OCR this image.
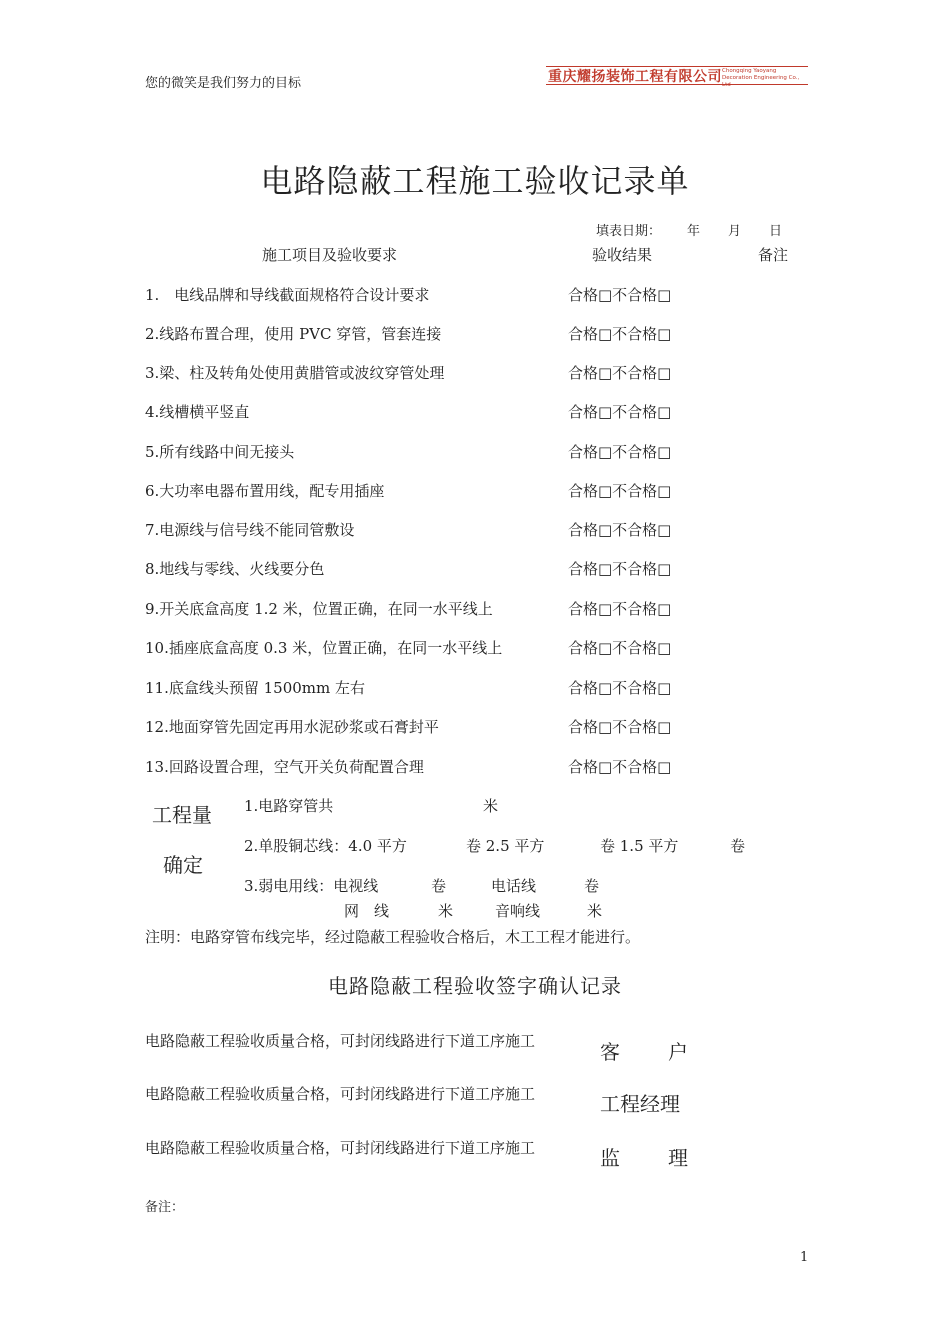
您的微笑是我们努力的目标	重庆耀扬装饰工程有限公司 Chongqing Yaoyang Decoration Engineering Co., Ltd
电路隐蔽工程施工验收记录单
填表日期： 年 月 日
施工项目及验收要求	验收结果	备注
1.　电线品牌和导线截面规格符合设计要求	合格□不合格□
2.线路布置合理，使用 PVC 穿管，管套连接	合格□不合格□
3.梁、柱及转角处使用黄腊管或波纹穿管处理	合格□不合格□
4.线槽横平竖直	合格□不合格□
5.所有线路中间无接头	合格□不合格□
6.大功率电器布置用线，配专用插座	合格□不合格□
7.电源线与信号线不能同管敷设	合格□不合格□
8.地线与零线、火线要分色	合格□不合格□
9.开关底盒高度 1.2 米，位置正确，在同一水平线上	合格□不合格□
10.插座底盒高度 0.3 米，位置正确，在同一水平线上	合格□不合格□
11.底盒线头预留 1500mm 左右	合格□不合格□
12.地面穿管先固定再用水泥砂浆或石膏封平	合格□不合格□
13.回路设置合理，空气开关负荷配置合理	合格□不合格□
工程量
确定
1.电路穿管共	米
2.单股铜芯线：4.0 平方	卷 2.5 平方	卷 1.5 平方	卷
3.弱电用线：电视线	卷	电话线	卷
网　线	米	音响线	米
注明：电路穿管布线完毕，经过隐蔽工程验收合格后，木工工程才能进行。
电路隐蔽工程验收签字确认记录
电路隐蔽工程验收质量合格，可封闭线路进行下道工序施工	客 户
电路隐蔽工程验收质量合格，可封闭线路进行下道工序施工	工程经理
电路隐蔽工程验收质量合格，可封闭线路进行下道工序施工	监 理
备注：
1
